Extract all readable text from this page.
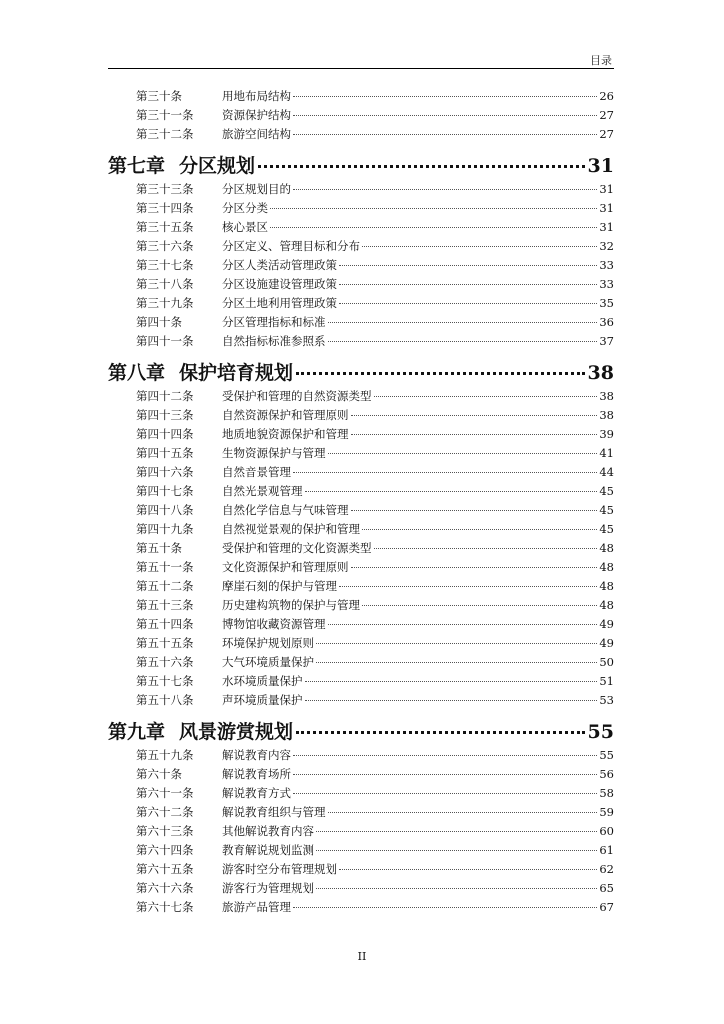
目录
第三十条	用地布局结构	26
第三十一条	资源保护结构	27
第三十二条	旅游空间结构	27
第七章 分区规划	31
第三十三条	分区规划目的	31
第三十四条	分区分类	31
第三十五条	核心景区	31
第三十六条	分区定义、管理目标和分布	32
第三十七条	分区人类活动管理政策	33
第三十八条	分区设施建设管理政策	33
第三十九条	分区土地利用管理政策	35
第四十条	分区管理指标和标准	36
第四十一条	自然指标标准参照系	37
第八章 保护培育规划	38
第四十二条	受保护和管理的自然资源类型	38
第四十三条	自然资源保护和管理原则	38
第四十四条	地质地貌资源保护和管理	39
第四十五条	生物资源保护与管理	41
第四十六条	自然音景管理	44
第四十七条	自然光景观管理	45
第四十八条	自然化学信息与气味管理	45
第四十九条	自然视觉景观的保护和管理	45
第五十条	受保护和管理的文化资源类型	48
第五十一条	文化资源保护和管理原则	48
第五十二条	摩崖石刻的保护与管理	48
第五十三条	历史建构筑物的保护与管理	48
第五十四条	博物馆收藏资源管理	49
第五十五条	环境保护规划原则	49
第五十六条	大气环境质量保护	50
第五十七条	水环境质量保护	51
第五十八条	声环境质量保护	53
第九章 风景游赏规划	55
第五十九条	解说教育内容	55
第六十条	解说教育场所	56
第六十一条	解说教育方式	58
第六十二条	解说教育组织与管理	59
第六十三条	其他解说教育内容	60
第六十四条	教育解说规划监测	61
第六十五条	游客时空分布管理规划	62
第六十六条	游客行为管理规划	65
第六十七条	旅游产品管理	67
II
